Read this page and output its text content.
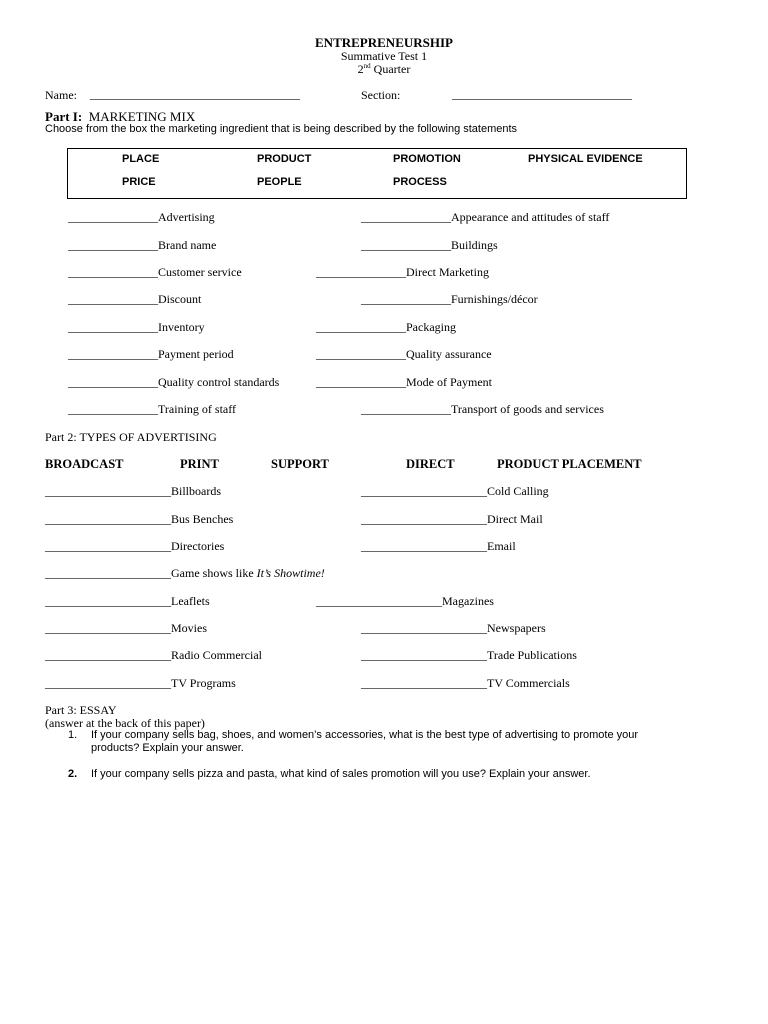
ENTREPRENEURSHIP
Summative Test 1
2nd Quarter
Name: ___________________________________	Section:	______________________________
Part I: MARKETING MIX
Choose from the box the marketing ingredient that is being described by the following statements
PLACE	PRODUCT	PROMOTION	PHYSICAL EVIDENCE
PRICE	PEOPLE	PROCESS
_______________Advertising
_______________Brand name
_______________Customer service
_______________Discount
_______________Inventory
_______________Payment period
_______________Quality control standards
_______________Training of staff
_______________Appearance and attitudes of staff
_______________Buildings
_______________Direct Marketing
_______________Furnishings/décor
_______________Packaging
_______________Quality assurance
_______________Mode of Payment
_______________Transport of goods and services
Part 2: TYPES OF ADVERTISING
BROADCAST	PRINT	SUPPORT	DIRECT	PRODUCT PLACEMENT
_____________________Billboards
_____________________Bus Benches
_____________________Directories
_____________________Game shows like It’s Showtime!
_____________________Leaflets
_____________________Movies
_____________________Radio Commercial
_____________________TV Programs
_____________________Cold Calling
_____________________Direct Mail
_____________________Email
_____________________Magazines
_____________________Newspapers
_____________________Trade Publications
_____________________TV Commercials
Part 3: ESSAY
(answer at the back of this paper)
1. If your company sells bag, shoes, and women’s accessories, what is the best type of advertising to promote your
products? Explain your answer.
2. If your company sells pizza and pasta, what kind of sales promotion will you use? Explain your answer.
